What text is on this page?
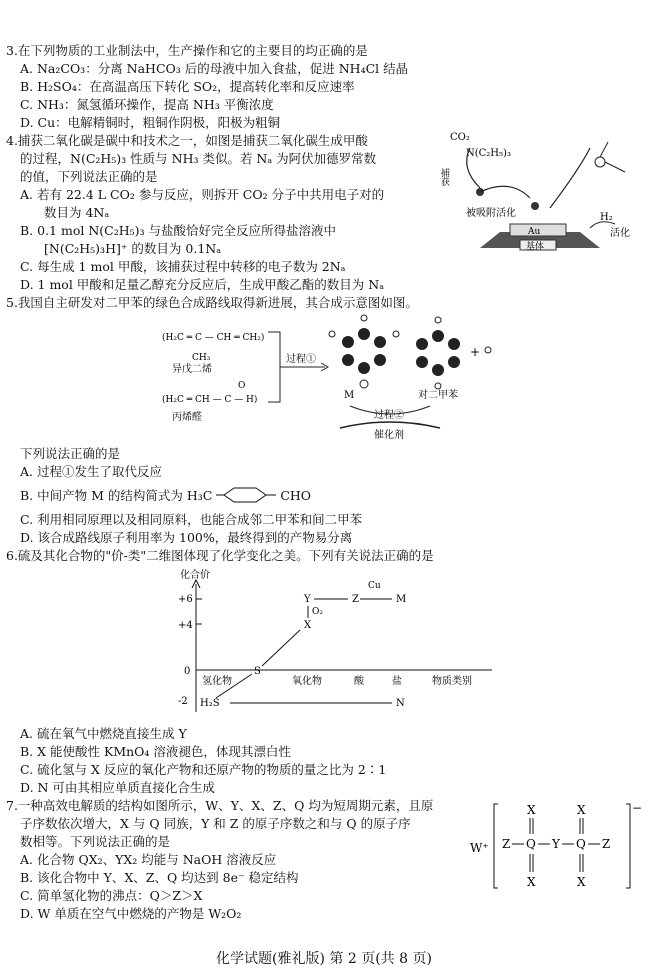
3.在下列物质的工业制法中，生产操作和它的主要目的均正确的是
A. Na₂CO₃：分离 NaHCO₃ 后的母液中加入食盐，促进 NH₄Cl 结晶
B. H₂SO₄：在高温高压下转化 SO₂，提高转化率和反应速率
C. NH₃：氮氢循环操作，提高 NH₃ 平衡浓度
D. Cu：电解精铜时，粗铜作阴极，阳极为粗铜
4.捕获二氧化碳是碳中和技术之一，如图是捕获二氧化碳生成甲酸
的过程，N(C₂H₅)₃ 性质与 NH₃ 类似。若 Nₐ 为阿伏加德罗常数
的值，下列说法正确的是
A. 若有 22.4 L CO₂ 参与反应，则拆开 CO₂ 分子中共用电子对的
数目为 4Nₐ
B. 0.1 mol N(C₂H₅)₃ 与盐酸恰好完全反应所得盐溶液中
[N(C₂H₅)₃H]⁺ 的数目为 0.1Nₐ
C. 每生成 1 mol 甲酸，该捕获过程中转移的电子数为 2Nₐ
D. 1 mol 甲酸和足量乙醇充分反应后，生成甲酸乙酯的数目为 Nₐ
CO₂
捕获
N(C₂H₅)₃
被吸附活化	H₂
活化
Au
基体
5.我国自主研发对二甲苯的绿色合成路线取得新进展，其合成示意图如图。
(H₂C ═ C — CH ═ CH₂)
CH₃
异戊二烯
(H₂C ═ CH — C — H)
O
丙烯醛
过程①
M	对二甲苯
+
过程②
催化剂
下列说法正确的是
A. 过程①发生了取代反应
B. 中间产物 M 的结构简式为 H₃C	CHO
C. 利用相同原理以及相同原料，也能合成邻二甲苯和间二甲苯
D. 该合成路线原子利用率为 100%，最终得到的产物易分离
6.硫及其化合物的"价-类"二维图体现了化学变化之美。下列有关说法正确的是
化合价
+6
+4
0
-2
氢化物	氧化物	酸	盐	物质类别
S
X
Y	Z	M
H₂S	N
O₂
Cu
A. 硫在氧气中燃烧直接生成 Y
B. X 能使酸性 KMnO₄ 溶液褪色，体现其漂白性
C. 硫化氢与 X 反应的氧化产物和还原产物的物质的量之比为 2∶1
D. N 可由其相应单质直接化合生成
7.一种高效电解质的结构如图所示，W、Y、X、Z、Q 均为短周期元素，且原
子序数依次增大，X 与 Q 同族，Y 和 Z 的原子序数之和与 Q 的原子序
数相等。下列说法正确的是
A. 化合物 QX₂、YX₂ 均能与 NaOH 溶液反应
B. 该化合物中 Y、X、Z、Q 均达到 8e⁻ 稳定结构
C. 简单氢化物的沸点：Q＞Z＞X
D. W 单质在空气中燃烧的产物是 W₂O₂
W⁺
−
Z Q
X
X
Y Q
X
X
Z
化学试题(雅礼版) 第 2 页(共 8 页)
